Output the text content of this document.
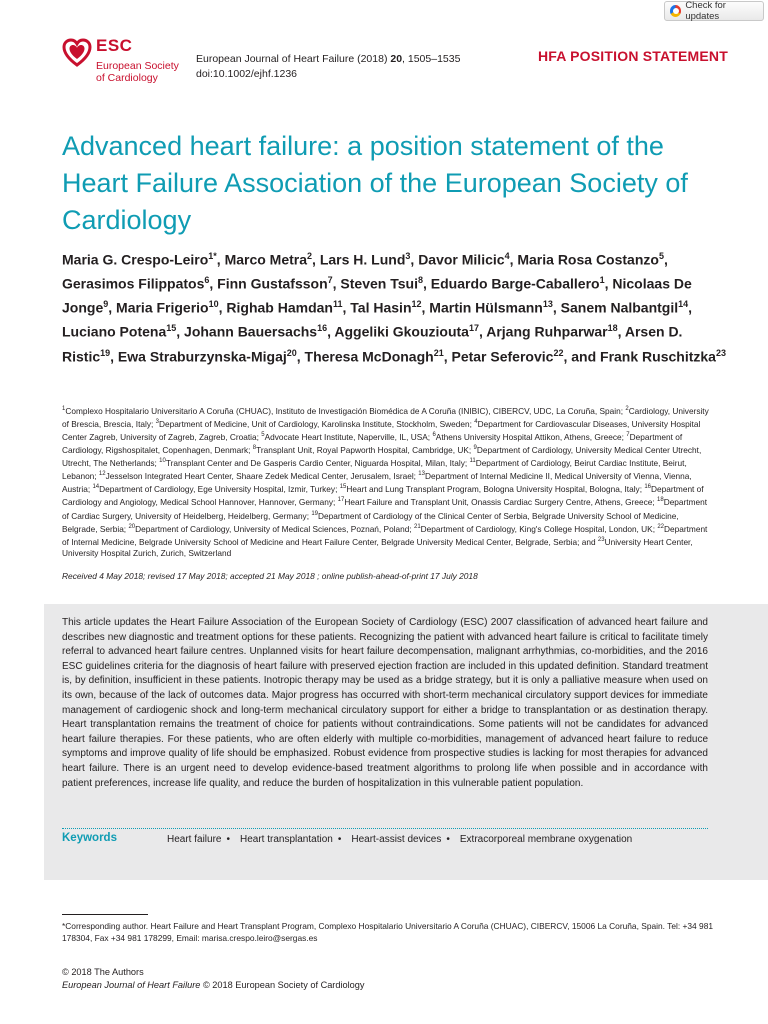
Check for updates
ESC
European Society
of Cardiology
European Journal of Heart Failure (2018) 20, 1505–1535
doi:10.1002/ejhf.1236
HFA POSITION STATEMENT
Advanced heart failure: a position statement of the Heart Failure Association of the European Society of Cardiology
Maria G. Crespo-Leiro$^{1*}$, Marco Metra$^2$, Lars H. Lund$^3$, Davor Milicic$^4$, Maria Rosa Costanzo$^5$, Gerasimos Filippatos$^6$, Finn Gustafsson$^7$, Steven Tsui$^8$, Eduardo Barge-Caballero$^1$, Nicolaas De Jonge$^9$, Maria Frigerio$^{10}$, Righab Hamdan$^{11}$, Tal Hasin$^{12}$, Martin Hülsmann$^{13}$, Sanem Nalbantgil$^{14}$, Luciano Potena$^{15}$, Johann Bauersachs$^{16}$, Aggeliki Gkouziouta$^{17}$, Arjang Ruhparwar$^{18}$, Arsen D. Ristic$^{19}$, Ewa Straburzynska-Migaj$^{20}$, Theresa McDonagh$^{21}$, Petar Seferovic$^{22}$, and Frank Ruschitzka$^{23}$
$^1$Complexo Hospitalario Universitario A Coruña (CHUAC), Instituto de Investigación Biomédica de A Coruña (INIBIC), CIBERCV, UDC, La Coruña, Spain; $^2$Cardiology, University of Brescia, Brescia, Italy; $^3$Department of Medicine, Unit of Cardiology, Karolinska Institute, Stockholm, Sweden; $^4$Department for Cardiovascular Diseases, University Hospital Center Zagreb, University of Zagreb, Zagreb, Croatia; $^5$Advocate Heart Institute, Naperville, IL, USA; $^6$Athens University Hospital Attikon, Athens, Greece; $^7$Department of Cardiology, Rigshospitalet, Copenhagen, Denmark; $^8$Transplant Unit, Royal Papworth Hospital, Cambridge, UK; $^9$Department of Cardiology, University Medical Center Utrecht, Utrecht, The Netherlands; $^{10}$Transplant Center and De Gasperis Cardio Center, Niguarda Hospital, Milan, Italy; $^{11}$Department of Cardiology, Beirut Cardiac Institute, Beirut, Lebanon; $^{12}$Jesselson Integrated Heart Center, Shaare Zedek Medical Center, Jerusalem, Israel; $^{13}$Department of Internal Medicine II, Medical University of Vienna, Vienna, Austria; $^{14}$Department of Cardiology, Ege University Hospital, Izmir, Turkey; $^{15}$Heart and Lung Transplant Program, Bologna University Hospital, Bologna, Italy; $^{16}$Department of Cardiology and Angiology, Medical School Hannover, Hannover, Germany; $^{17}$Heart Failure and Transplant Unit, Onassis Cardiac Surgery Centre, Athens, Greece; $^{18}$Department of Cardiac Surgery, University of Heidelberg, Heidelberg, Germany; $^{19}$Department of Cardiology of the Clinical Center of Serbia, Belgrade University School of Medicine, Belgrade, Serbia; $^{20}$Department of Cardiology, University of Medical Sciences, Poznań, Poland; $^{21}$Department of Cardiology, King's College Hospital, London, UK; $^{22}$Department of Internal Medicine, Belgrade University School of Medicine and Heart Failure Center, Belgrade University Medical Center, Belgrade, Serbia; and $^{23}$University Heart Center, University Hospital Zurich, Zurich, Switzerland
Received 4 May 2018; revised 17 May 2018; accepted 21 May 2018 ; online publish-ahead-of-print 17 July 2018

This article updates the Heart Failure Association of the European Society of Cardiology (ESC) 2007 classification of advanced heart failure and describes new diagnostic and treatment options for these patients. Recognizing the patient with advanced heart failure is critical to facilitate timely referral to advanced heart failure centres. Unplanned visits for heart failure decompensation, malignant arrhythmias, co-morbidities, and the 2016 ESC guidelines criteria for the diagnosis of heart failure with preserved ejection fraction are included in this updated definition. Standard treatment is, by definition, insufficient in these patients. Inotropic therapy may be used as a bridge strategy, but it is only a palliative measure when used on its own, because of the lack of outcomes data. Major progress has occurred with short-term mechanical circulatory support devices for immediate management of cardiogenic shock and long-term mechanical circulatory support for either a bridge to transplantation or as destination therapy. Heart transplantation remains the treatment of choice for patients without contraindications. Some patients will not be candidates for advanced heart failure therapies. For these patients, who are often elderly with multiple co-morbidities, management of advanced heart failure to reduce symptoms and improve quality of life should be emphasized. Robust evidence from prospective studies is lacking for most therapies for advanced heart failure. There is an urgent need to develop evidence-based treatment algorithms to prolong life when possible and in accordance with patient preferences, increase life quality, and reduce the burden of hospitalization in this vulnerable patient population.

Keywords	Heart failure • Heart transplantation • Heart-assist devices • Extracorporeal membrane oxygenation
*Corresponding author. Heart Failure and Heart Transplant Program, Complexo Hospitalario Universitario A Coruña (CHUAC), CIBERCV, 15006 La Coruña, Spain. Tel: +34 981 178304, Fax +34 981 178299, Email: marisa.crespo.leiro@sergas.es
© 2018 The Authors
European Journal of Heart Failure © 2018 European Society of Cardiology
